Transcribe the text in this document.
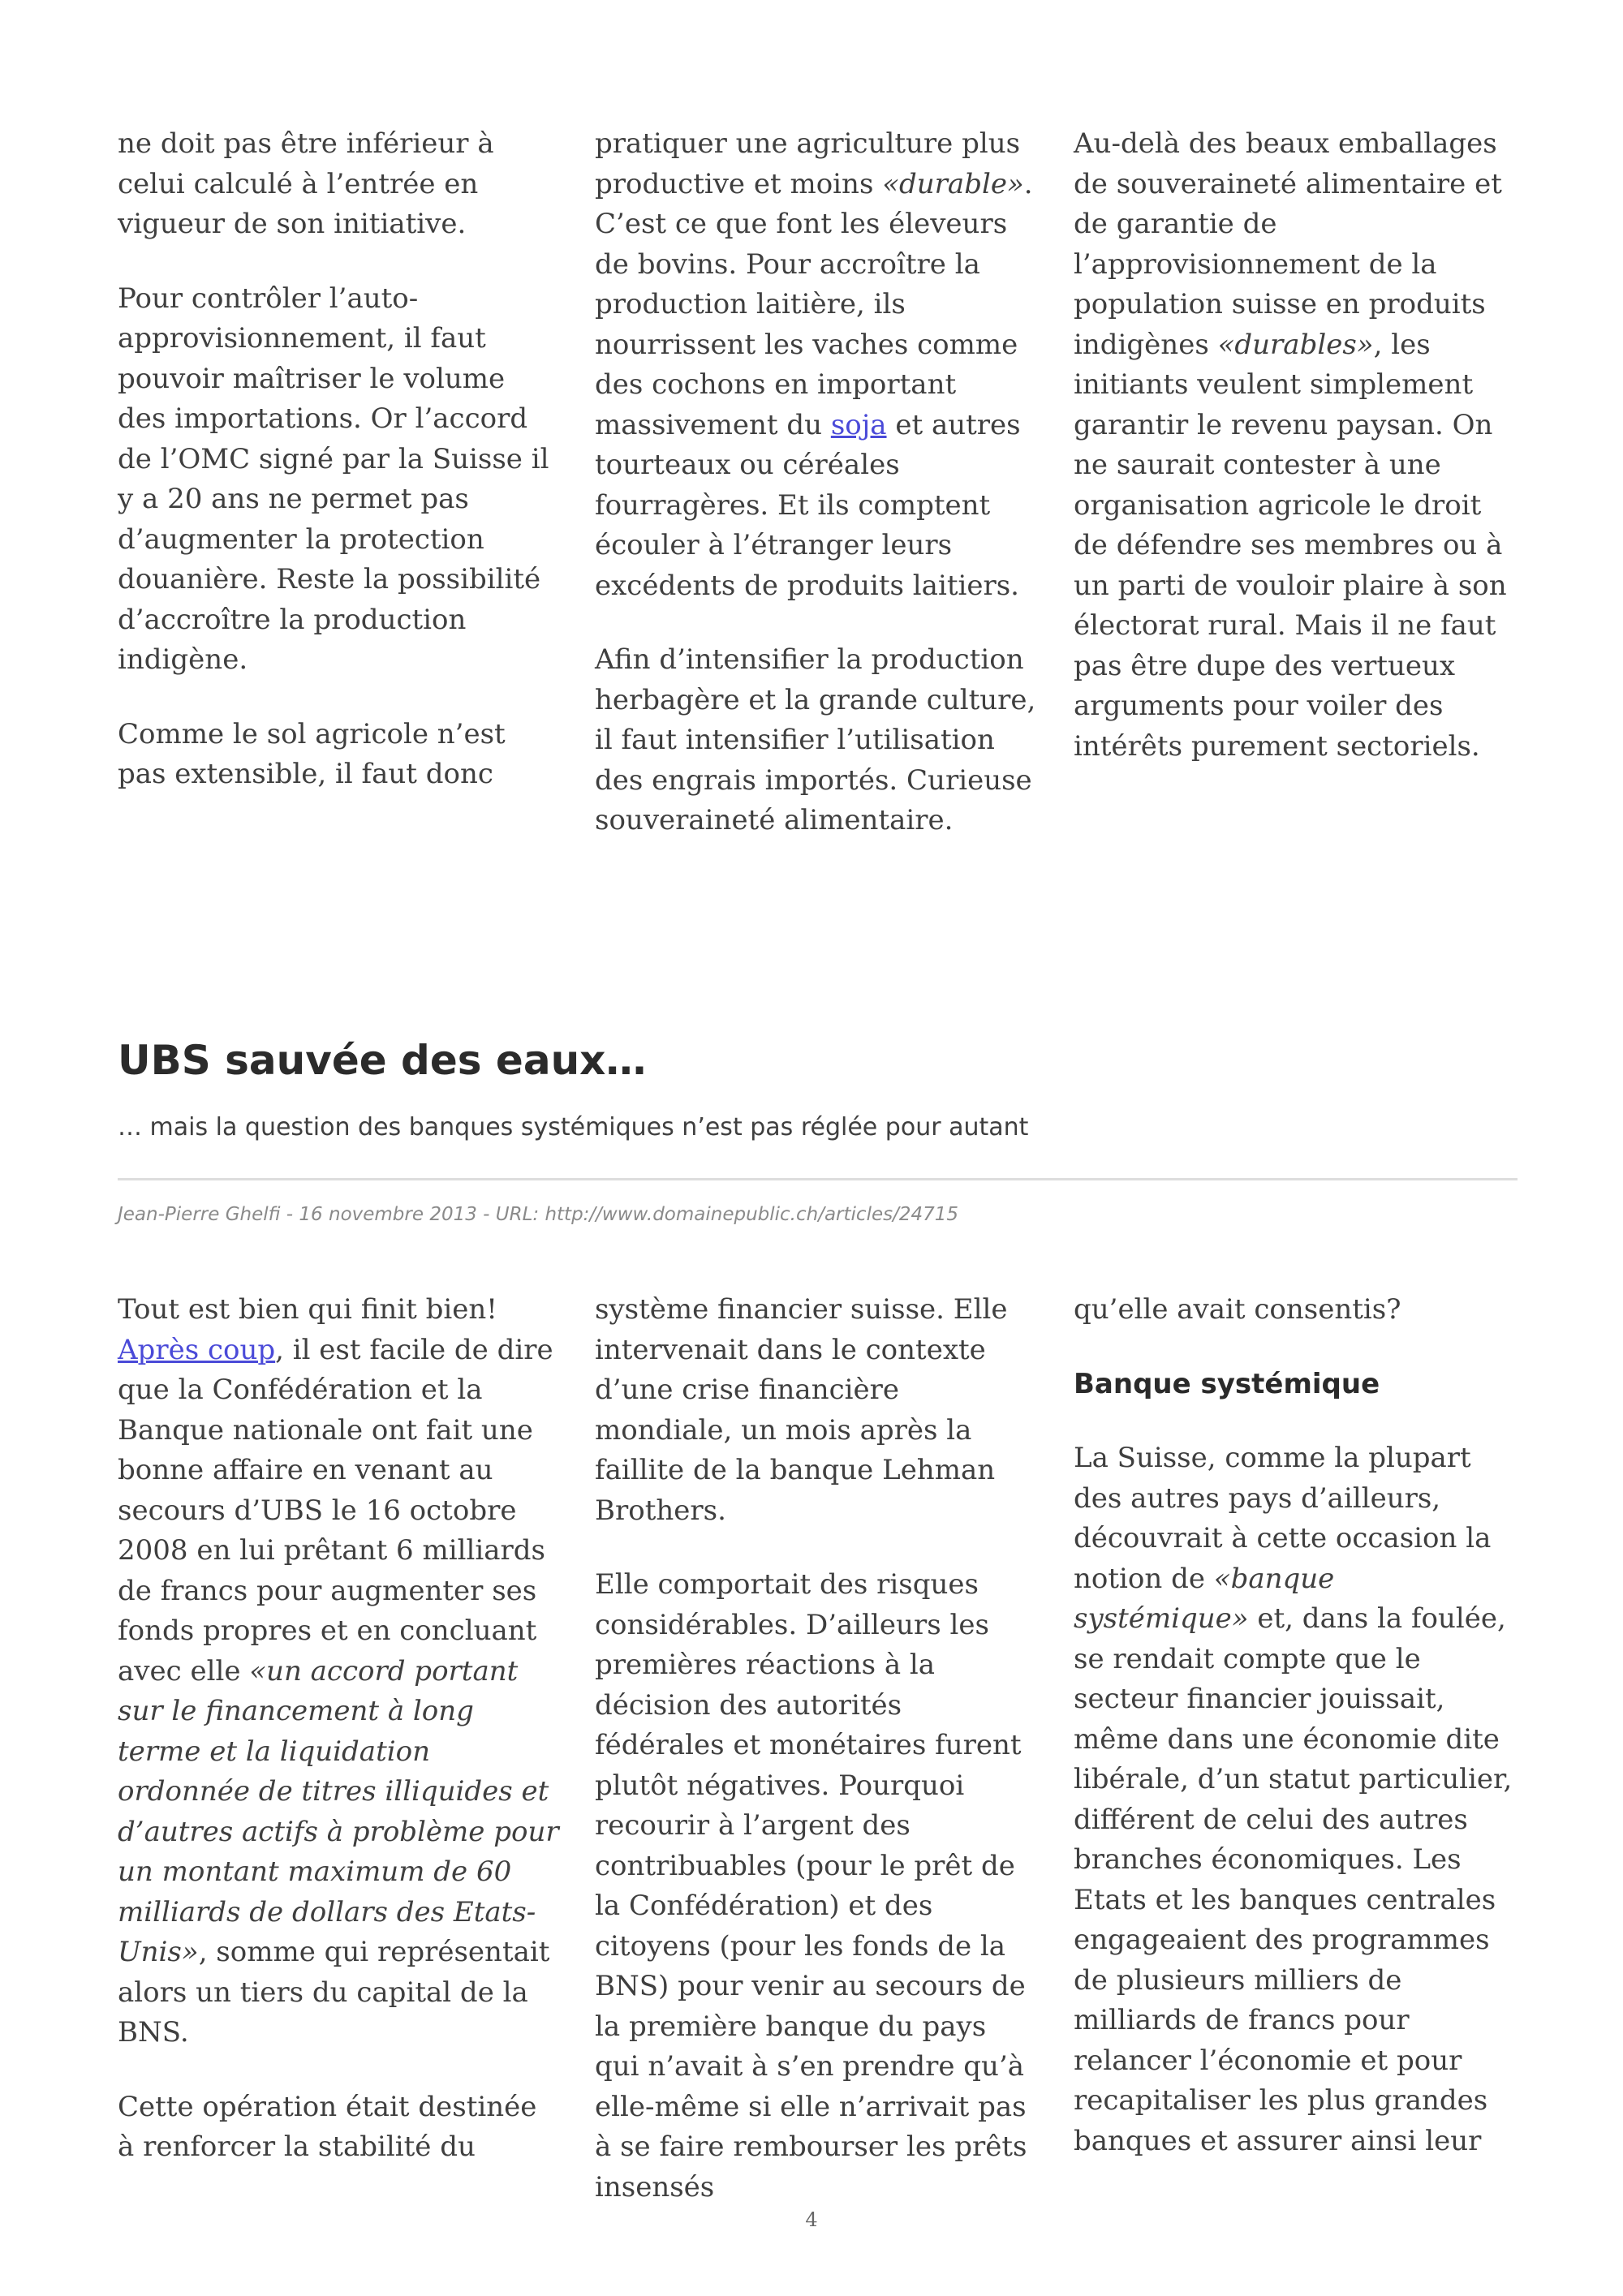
ne doit pas être inférieur à celui calculé à l’entrée en vigueur de son initiative.

Pour contrôler l’auto-approvisionnement, il faut pouvoir maîtriser le volume des importations. Or l’accord de l’OMC signé par la Suisse il y a 20 ans ne permet pas d’augmenter la protection douanière. Reste la possibilité d’accroître la production indigène.

Comme le sol agricole n’est pas extensible, il faut donc

pratiquer une agriculture plus productive et moins «durable». C’est ce que font les éleveurs de bovins. Pour accroître la production laitière, ils nourrissent les vaches comme des cochons en important massivement du soja et autres tourteaux ou céréales fourragères. Et ils comptent écouler à l’étranger leurs excédents de produits laitiers.

Afin d’intensifier la production herbagère et la grande culture, il faut intensifier l’utilisation des engrais importés. Curieuse souveraineté alimentaire.

Au-delà des beaux emballages de souveraineté alimentaire et de garantie de l’approvisionnement de la population suisse en produits indigènes «durables», les initiants veulent simplement garantir le revenu paysan. On ne saurait contester à une organisation agricole le droit de défendre ses membres ou à un parti de vouloir plaire à son électorat rural. Mais il ne faut pas être dupe des vertueux arguments pour voiler des intérêts purement sectoriels.

UBS sauvée des eaux…

… mais la question des banques systémiques n’est pas réglée pour autant

Jean-Pierre Ghelfi - 16 novembre 2013 - URL: http://www.domainepublic.ch/articles/24715

Tout est bien qui finit bien! Après coup, il est facile de dire que la Confédération et la Banque nationale ont fait une bonne affaire en venant au secours d’UBS le 16 octobre 2008 en lui prêtant 6 milliards de francs pour augmenter ses fonds propres et en concluant avec elle «un accord portant sur le financement à long terme et la liquidation ordonnée de titres illiquides et d’autres actifs à problème pour un montant maximum de 60 milliards de dollars des Etats-Unis», somme qui représentait alors un tiers du capital de la BNS.

Cette opération était destinée à renforcer la stabilité du

système financier suisse. Elle intervenait dans le contexte d’une crise financière mondiale, un mois après la faillite de la banque Lehman Brothers.

Elle comportait des risques considérables. D’ailleurs les premières réactions à la décision des autorités fédérales et monétaires furent plutôt négatives. Pourquoi recourir à l’argent des contribuables (pour le prêt de la Confédération) et des citoyens (pour les fonds de la BNS) pour venir au secours de la première banque du pays qui n’avait à s’en prendre qu’à elle-même si elle n’arrivait pas à se faire rembourser les prêts insensés

qu’elle avait consentis?

Banque systémique

La Suisse, comme la plupart des autres pays d’ailleurs, découvrait à cette occasion la notion de «banque systémique» et, dans la foulée, se rendait compte que le secteur financier jouissait, même dans une économie dite libérale, d’un statut particulier, différent de celui des autres branches économiques. Les Etats et les banques centrales engageaient des programmes de plusieurs milliers de milliards de francs pour relancer l’économie et pour recapitaliser les plus grandes banques et assurer ainsi leur

4
